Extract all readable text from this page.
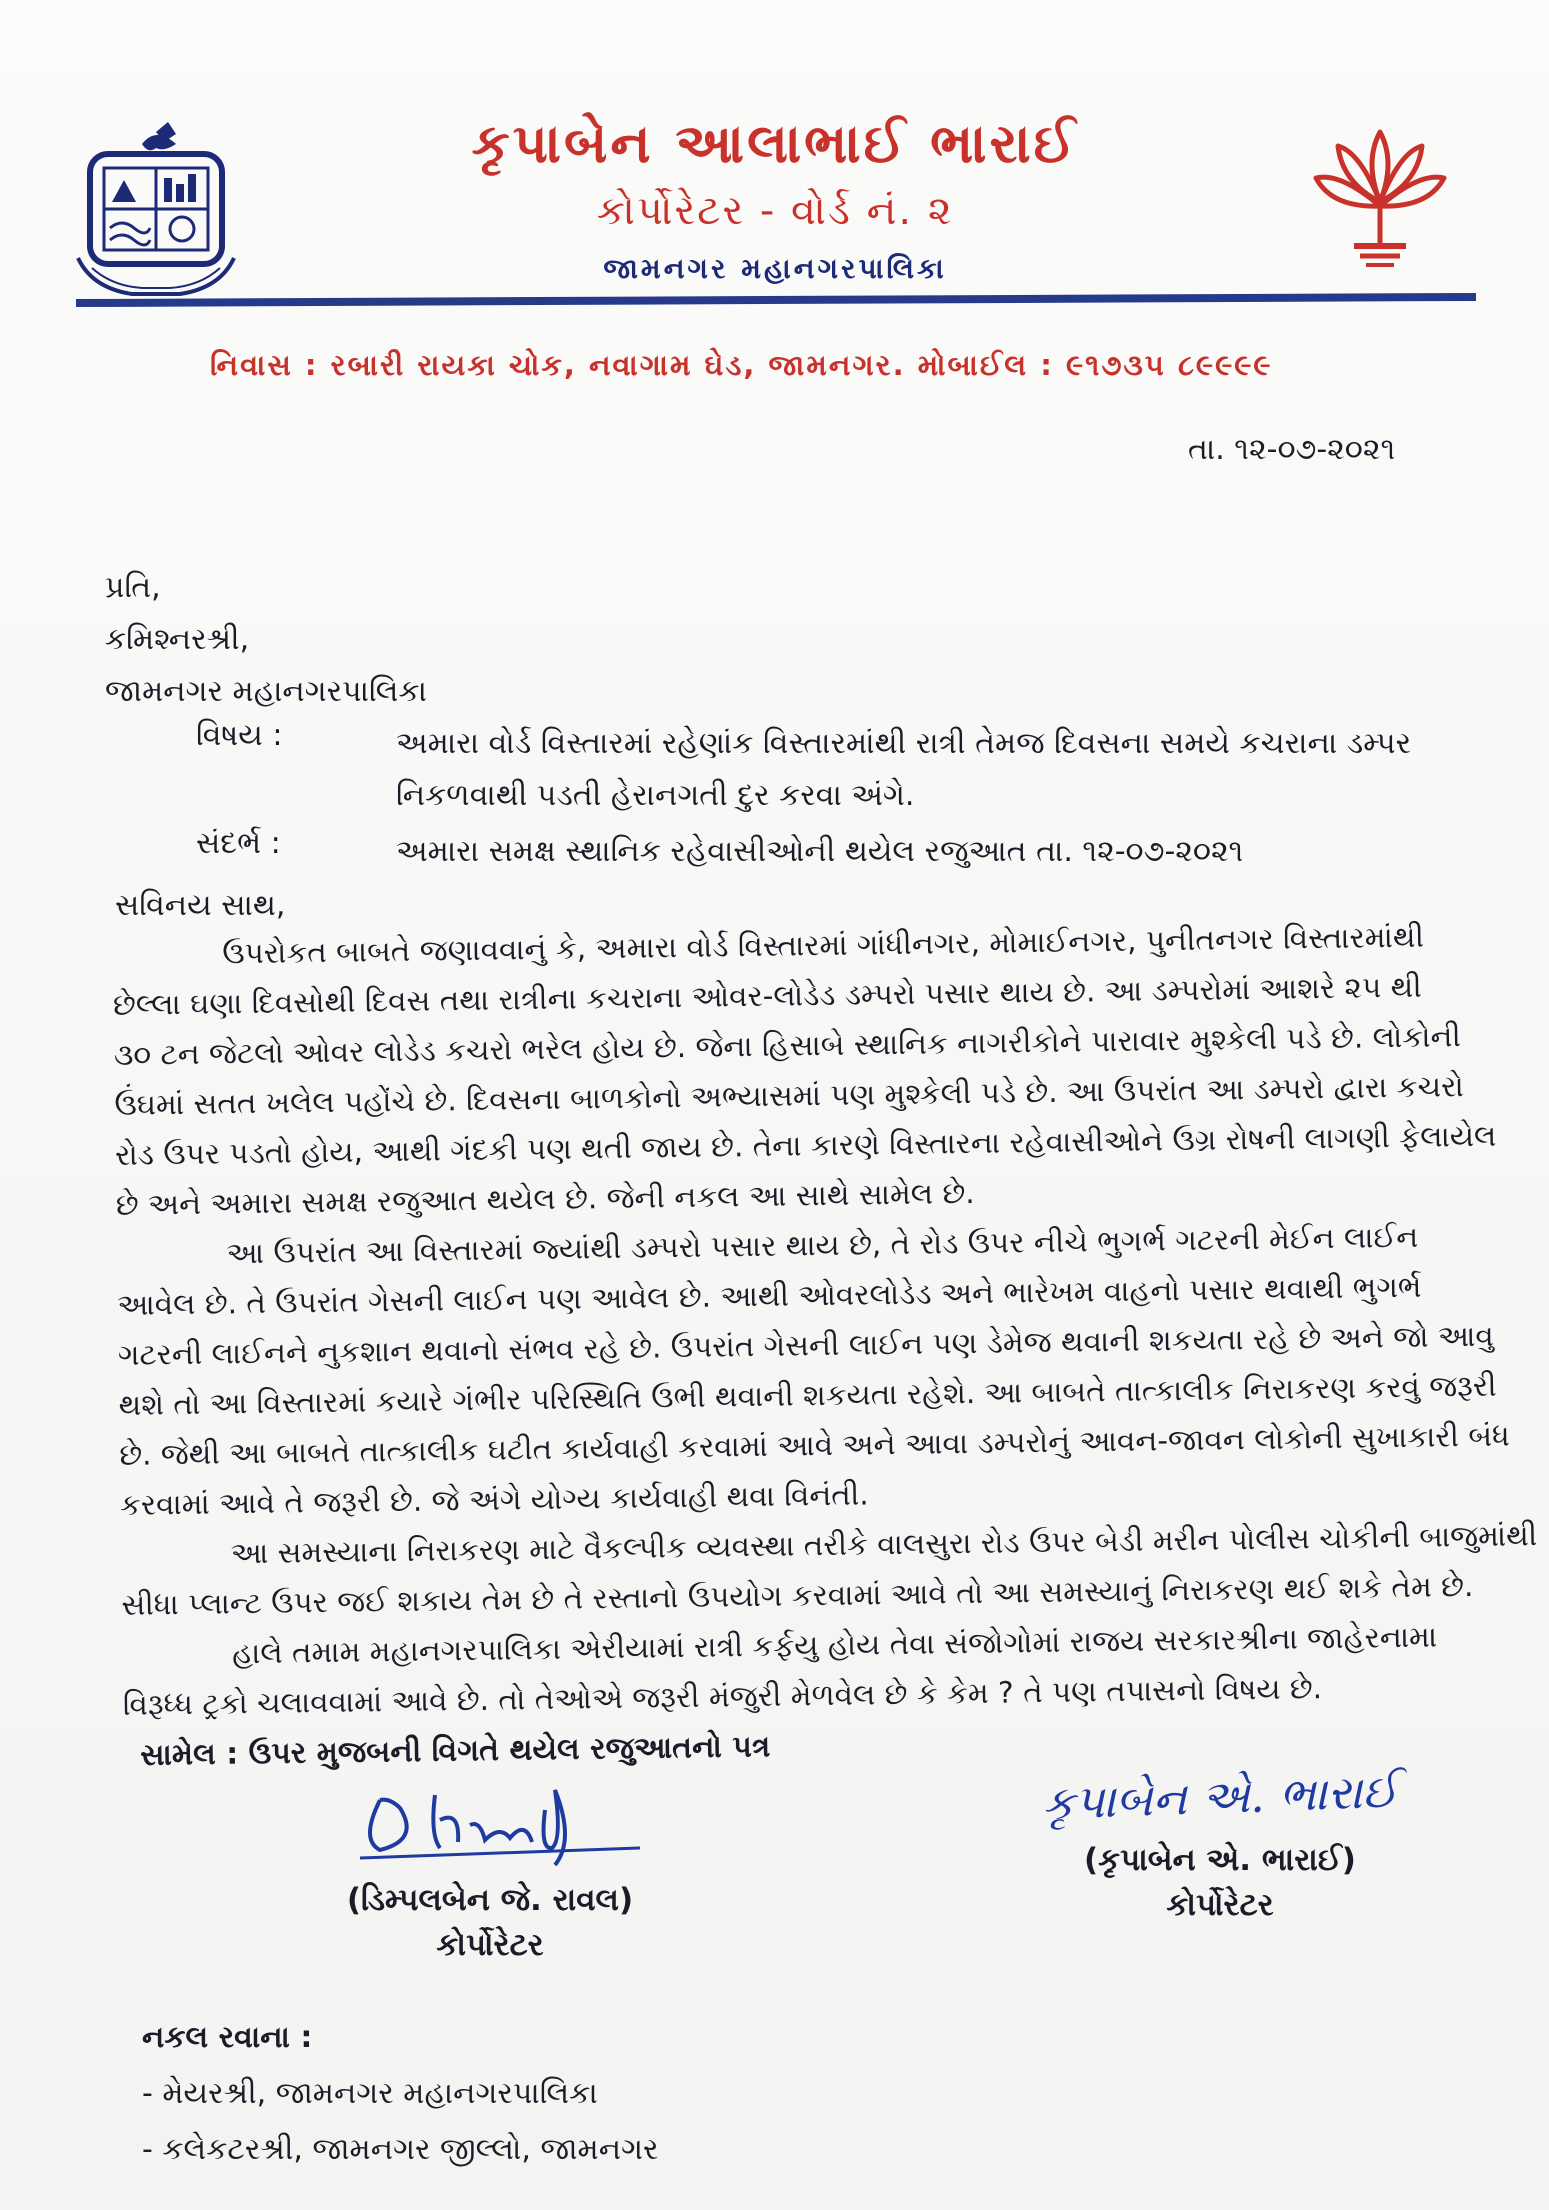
કૃપાબેન આલાભાઈ ભારાઈ
કોર્પોરેટર - વોર્ડ નં. ૨
જામનગર મહાનગરપાલિકા
નિવાસ : રબારી રાયકા ચોક, નવાગામ ઘેડ, જામનગર. મોબાઈલ : ૯૧૭૩૫ ૮૯૯૯૯
તા. ૧૨-૦૭-૨૦૨૧
પ્રતિ,
કમિશ્નરશ્રી,
જામનગર મહાનગરપાલિકા
વિષય :	અમારા વોર્ડ વિસ્તારમાં રહેણાંક વિસ્તારમાંથી રાત્રી તેમજ દિવસના સમયે કચરાના ડમ્પર
નિકળવાથી પડતી હેરાનગતી દુર કરવા અંગે.
સંદર્ભ :	અમારા સમક્ષ સ્થાનિક રહેવાસીઓની થયેલ રજુઆત તા. ૧૨-૦૭-૨૦૨૧
સવિનય સાથ,
ઉપરોકત બાબતે જણાવવાનું કે, અમારા વોર્ડ વિસ્તારમાં ગાંધીનગર, મોમાઈનગર, પુનીતનગર વિસ્તારમાંથી
છેલ્લા ઘણા દિવસોથી દિવસ તથા રાત્રીના કચરાના ઓવર-લોડેડ ડમ્પરો પસાર થાય છે. આ ડમ્પરોમાં આશરે ૨૫ થી
૩૦ ટન જેટલો ઓવર લોડેડ કચરો ભરેલ હોય છે. જેના હિસાબે સ્થાનિક નાગરીકોને પારાવાર મુશ્કેલી પડે છે. લોકોની
ઉંઘમાં સતત ખલેલ પહોંચે છે. દિવસના બાળકોનો અભ્યાસમાં પણ મુશ્કેલી પડે છે. આ ઉપરાંત આ ડમ્પરો દ્વારા કચરો
રોડ ઉપર પડતો હોય, આથી ગંદકી પણ થતી જાય છે. તેના કારણે વિસ્તારના રહેવાસીઓને ઉગ્ર રોષની લાગણી ફેલાયેલ
છે અને અમારા સમક્ષ રજુઆત થયેલ છે. જેની નકલ આ સાથે સામેલ છે.
આ ઉપરાંત આ વિસ્તારમાં જ્યાંથી ડમ્પરો પસાર થાય છે, તે રોડ ઉપર નીચે ભુગર્ભ ગટરની મેઈન લાઈન
આવેલ છે. તે ઉપરાંત ગેસની લાઈન પણ આવેલ છે. આથી ઓવરલોડેડ અને ભારેખમ વાહનો પસાર થવાથી ભુગર્ભ
ગટરની લાઈનને નુકશાન થવાનો સંભવ રહે છે. ઉપરાંત ગેસની લાઈન પણ ડેમેજ થવાની શકયતા રહે છે અને જો આવુ
થશે તો આ વિસ્તારમાં કયારે ગંભીર પરિસ્થિતિ ઉભી થવાની શકયતા રહેશે. આ બાબતે તાત્કાલીક નિરાકરણ કરવું જરૂરી
છે. જેથી આ બાબતે તાત્કાલીક ઘટીત કાર્યવાહી કરવામાં આવે અને આવા ડમ્પરોનું આવન-જાવન લોકોની સુખાકારી બંધ
કરવામાં આવે તે જરૂરી છે. જે અંગે યોગ્ય કાર્યવાહી થવા વિનંતી.
આ સમસ્યાના નિરાકરણ માટે વૈકલ્પીક વ્યવસ્થા તરીકે વાલસુરા રોડ ઉપર બેડી મરીન પોલીસ ચોકીની બાજુમાંથી
સીધા પ્લાન્ટ ઉપર જઈ શકાય તેમ છે તે રસ્તાનો ઉપયોગ કરવામાં આવે તો આ સમસ્યાનું નિરાકરણ થઈ શકે તેમ છે.
હાલે તમામ મહાનગરપાલિકા એરીયામાં રાત્રી કર્ફયુ હોય તેવા સંજોગોમાં રાજય સરકારશ્રીના જાહેરનામા
વિરૂધ્ધ ટ્રકો ચલાવવામાં આવે છે. તો તેઓએ જરૂરી મંજુરી મેળવેલ છે કે કેમ ? તે પણ તપાસનો વિષય છે.
સામેલ : ઉપર મુજબની વિગતે થયેલ રજુઆતનો પત્ર
(ડિમ્પલબેન જે. રાવલ)
કોર્પોરેટર
કૃપાબેન એ. ભારાઈ
(કૃપાબેન એ. ભારાઈ)
કોર્પોરેટર
નકલ રવાના :
- મેયરશ્રી, જામનગર મહાનગરપાલિકા
- કલેકટરશ્રી, જામનગર જીલ્લો, જામનગર
